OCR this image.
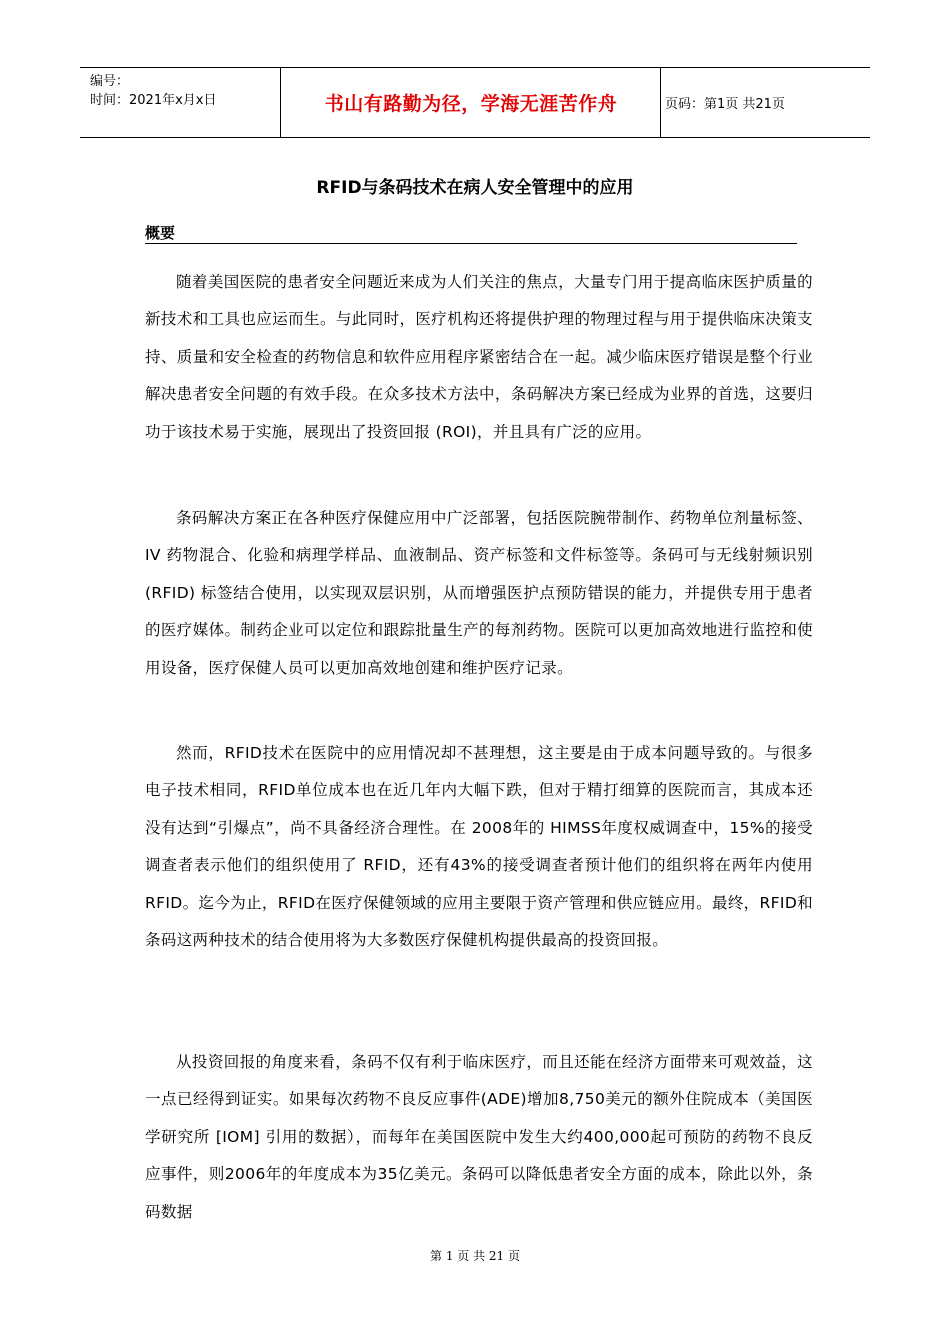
编号：
时间：2021年x月x日	书山有路勤为径，学海无涯苦作舟	页码：第1页 共21页
RFID与条码技术在病人安全管理中的应用
概要
随着美国医院的患者安全问题近来成为人们关注的焦点，大量专门用于提高临床医护质量的新技术和工具也应运而生。与此同时，医疗机构还将提供护理的物理过程与用于提供临床决策支持、质量和安全检查的药物信息和软件应用程序紧密结合在一起。减少临床医疗错误是整个行业解决患者安全问题的有效手段。在众多技术方法中，条码解决方案已经成为业界的首选，这要归功于该技术易于实施，展现出了投资回报 (ROI)，并且具有广泛的应用。
条码解决方案正在各种医疗保健应用中广泛部署，包括医院腕带制作、药物单位剂量标签、IV 药物混合、化验和病理学样品、血液制品、资产标签和文件标签等。条码可与无线射频识别 (RFID) 标签结合使用，以实现双层识别，从而增强医护点预防错误的能力，并提供专用于患者的医疗媒体。制药企业可以定位和跟踪批量生产的每剂药物。医院可以更加高效地进行监控和使用设备，医疗保健人员可以更加高效地创建和维护医疗记录。
然而，RFID技术在医院中的应用情况却不甚理想，这主要是由于成本问题导致的。与很多电子技术相同，RFID单位成本也在近几年内大幅下跌，但对于精打细算的医院而言，其成本还没有达到“引爆点”，尚不具备经济合理性。在 2008年的 HIMSS年度权威调查中，15%的接受调查者表示他们的组织使用了 RFID，还有43%的接受调查者预计他们的组织将在两年内使用RFID。迄今为止，RFID在医疗保健领域的应用主要限于资产管理和供应链应用。最终，RFID和条码这两种技术的结合使用将为大多数医疗保健机构提供最高的投资回报。
从投资回报的角度来看，条码不仅有利于临床医疗，而且还能在经济方面带来可观效益，这一点已经得到证实。如果每次药物不良反应事件(ADE)增加8,750美元的额外住院成本（美国医学研究所 [IOM] 引用的数据），而每年在美国医院中发生大约400,000起可预防的药物不良反应事件，则2006年的年度成本为35亿美元。条码可以降低患者安全方面的成本，除此以外，条码数据
第 1 页 共 21 页
